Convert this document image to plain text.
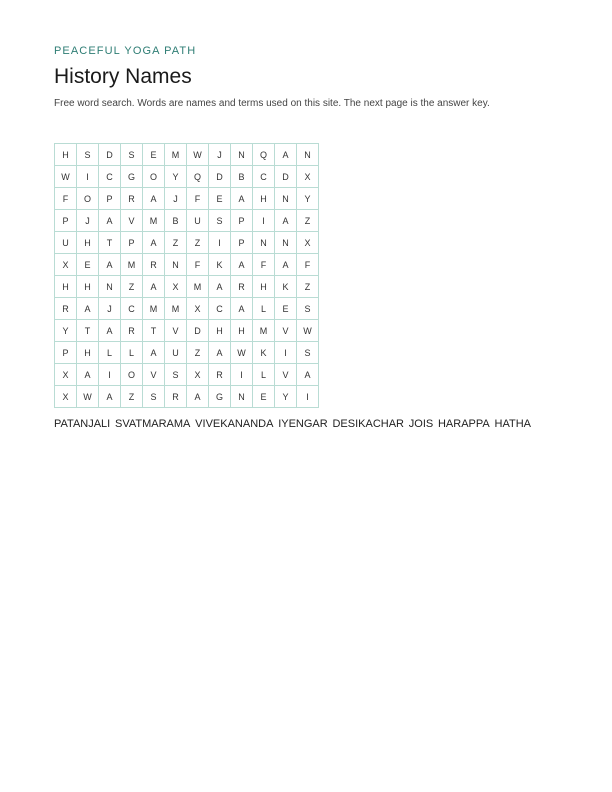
PEACEFUL YOGA PATH

History Names

Free word search. Words are names and terms used on this site. The next page is the answer key.

H	S	D	S	E	M	W	J	N	Q	A	N
W	I	C	G	O	Y	Q	D	B	C	D	X
F	O	P	R	A	J	F	E	A	H	N	Y
P	J	A	V	M	B	U	S	P	I	A	Z
U	H	T	P	A	Z	Z	I	P	N	N	X
X	E	A	M	R	N	F	K	A	F	A	F
H	H	N	Z	A	X	M	A	R	H	K	Z
R	A	J	C	M	M	X	C	A	L	E	S
Y	T	A	R	T	V	D	H	H	M	V	W
P	H	L	L	A	U	Z	A	W	K	I	S
X	A	I	O	V	S	X	R	I	L	V	A
X	W	A	Z	S	R	A	G	N	E	Y	I
PATANJALI SVATMARAMA VIVEKANANDA IYENGAR DESIKACHAR JOIS HARAPPA HATHA
